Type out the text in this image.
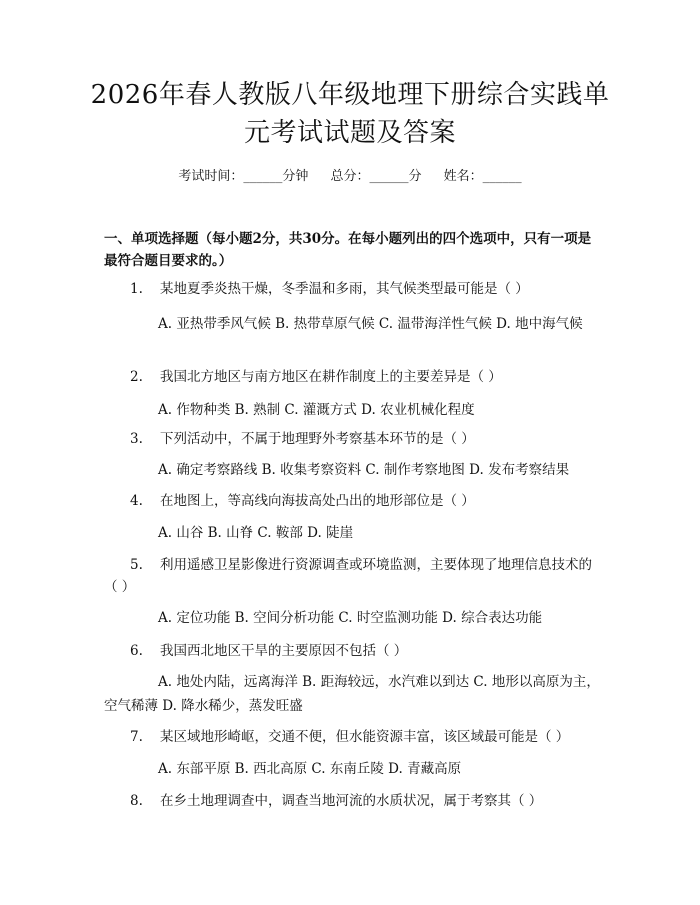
2026年春人教版八年级地理下册综合实践单元考试试题及答案
考试时间：______分钟 总分：______分 姓名：______
一、单项选择题（每小题2分，共30分。在每小题列出的四个选项中，只有一项是最符合题目要求的。）
1. 某地夏季炎热干燥，冬季温和多雨，其气候类型最可能是（ ）
A. 亚热带季风气候 B. 热带草原气候 C. 温带海洋性气候 D. 地中海气候
2. 我国北方地区与南方地区在耕作制度上的主要差异是（ ）
A. 作物种类 B. 熟制 C. 灌溉方式 D. 农业机械化程度
3. 下列活动中，不属于地理野外考察基本环节的是（ ）
A. 确定考察路线 B. 收集考察资料 C. 制作考察地图 D. 发布考察结果
4. 在地图上，等高线向海拔高处凸出的地形部位是（ ）
A. 山谷 B. 山脊 C. 鞍部 D. 陡崖
5. 利用遥感卫星影像进行资源调查或环境监测，主要体现了地理信息技术的（ ）
A. 定位功能 B. 空间分析功能 C. 时空监测功能 D. 综合表达功能
6. 我国西北地区干旱的主要原因不包括（ ）
A. 地处内陆，远离海洋 B. 距海较远，水汽难以到达 C. 地形以高原为主，空气稀薄 D. 降水稀少，蒸发旺盛
7. 某区域地形崎岖，交通不便，但水能资源丰富，该区域最可能是（ ）
A. 东部平原 B. 西北高原 C. 东南丘陵 D. 青藏高原
8. 在乡土地理调查中，调查当地河流的水质状况，属于考察其（ ）
